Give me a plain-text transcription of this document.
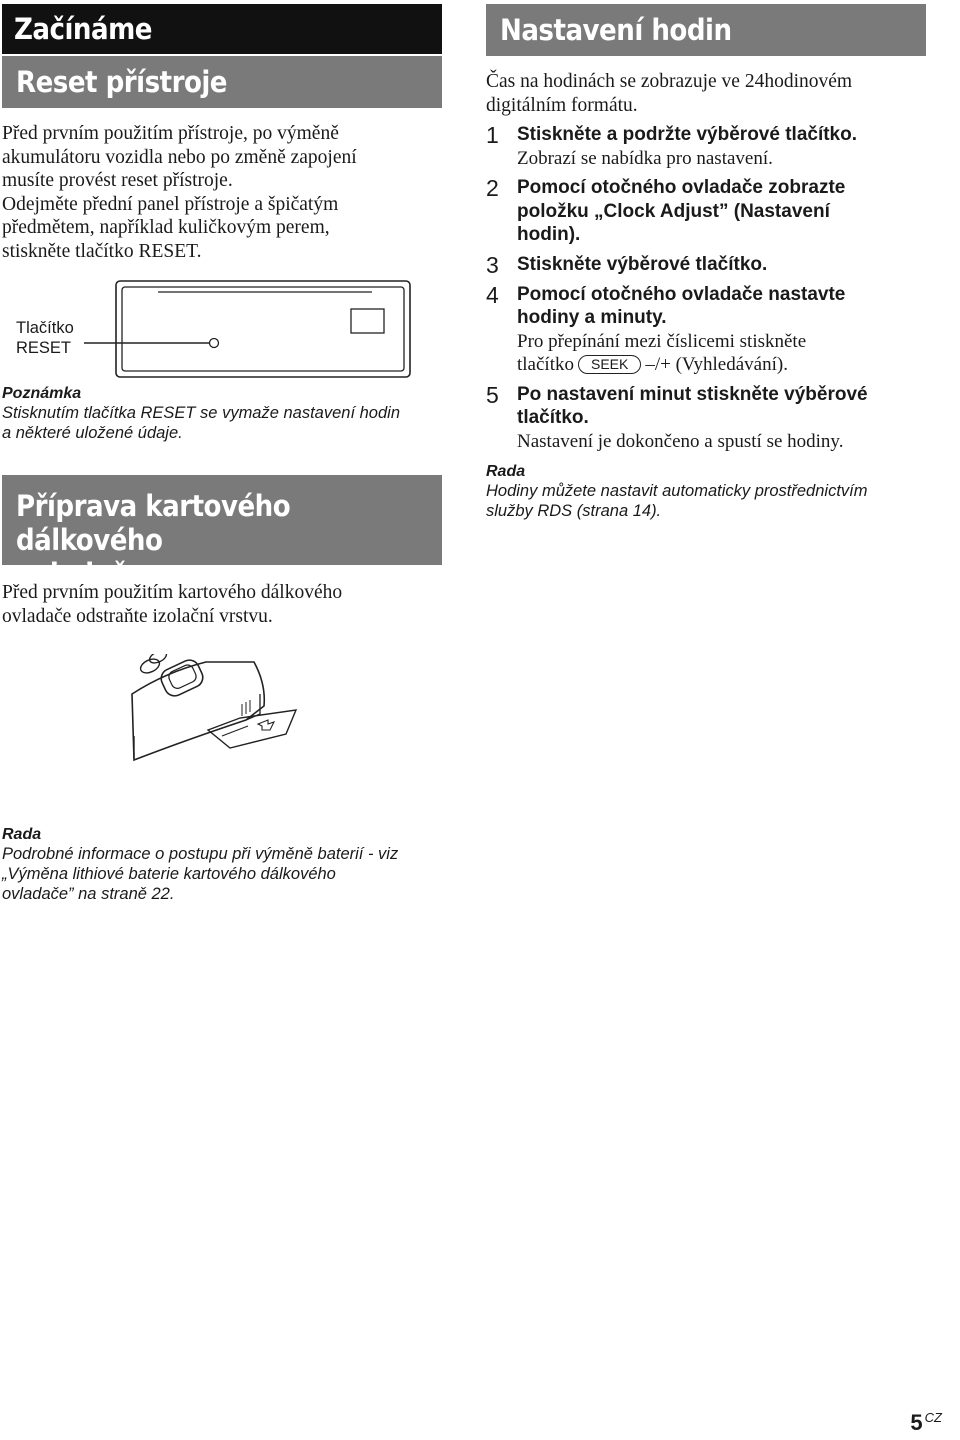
Začínáme
Reset přístroje

Před prvním použitím přístroje, po výměně

akumulátoru vozidla nebo po změně zapojení

musíte provést reset přístroje.

Odejměte přední panel přístroje a špičatým

předmětem, například kuličkovým perem,

stiskněte tlačítko RESET.

Tlačítko
RESET
Poznámka

Stisknutím tlačítka RESET se vymaže nastavení hodin

a některé uložené údaje.

Příprava kartového dálkového
ovladače

Před prvním použitím kartového dálkového

ovladače odstraňte izolační vrstvu.

Rada

Podrobné informace o postupu při výměně baterií - viz

„Výměna lithiové baterie kartového dálkového

ovladače” na straně 22.

Nastavení hodin

Čas na hodinách se zobrazuje ve 24hodinovém

digitálním formátu.

1 Stiskněte a podržte výběrové tlačítko.
Zobrazí se nabídka pro nastavení.
2 Pomocí otočného ovladače zobrazte
položku „Clock Adjust” (Nastavení
hodin).
3 Stiskněte výběrové tlačítko.
4 Pomocí otočného ovladače nastavte
hodiny a minuty.
Pro přepínání mezi číslicemi stiskněte
tlačítko SEEK –/+ (Vyhledávání).
5 Po nastavení minut stiskněte výběrové
tlačítko.
Nastavení je dokončeno a spustí se hodiny.
Rada

Hodiny můžete nastavit automaticky prostřednictvím

služby RDS (strana 14).

5 $^{CZ}$
